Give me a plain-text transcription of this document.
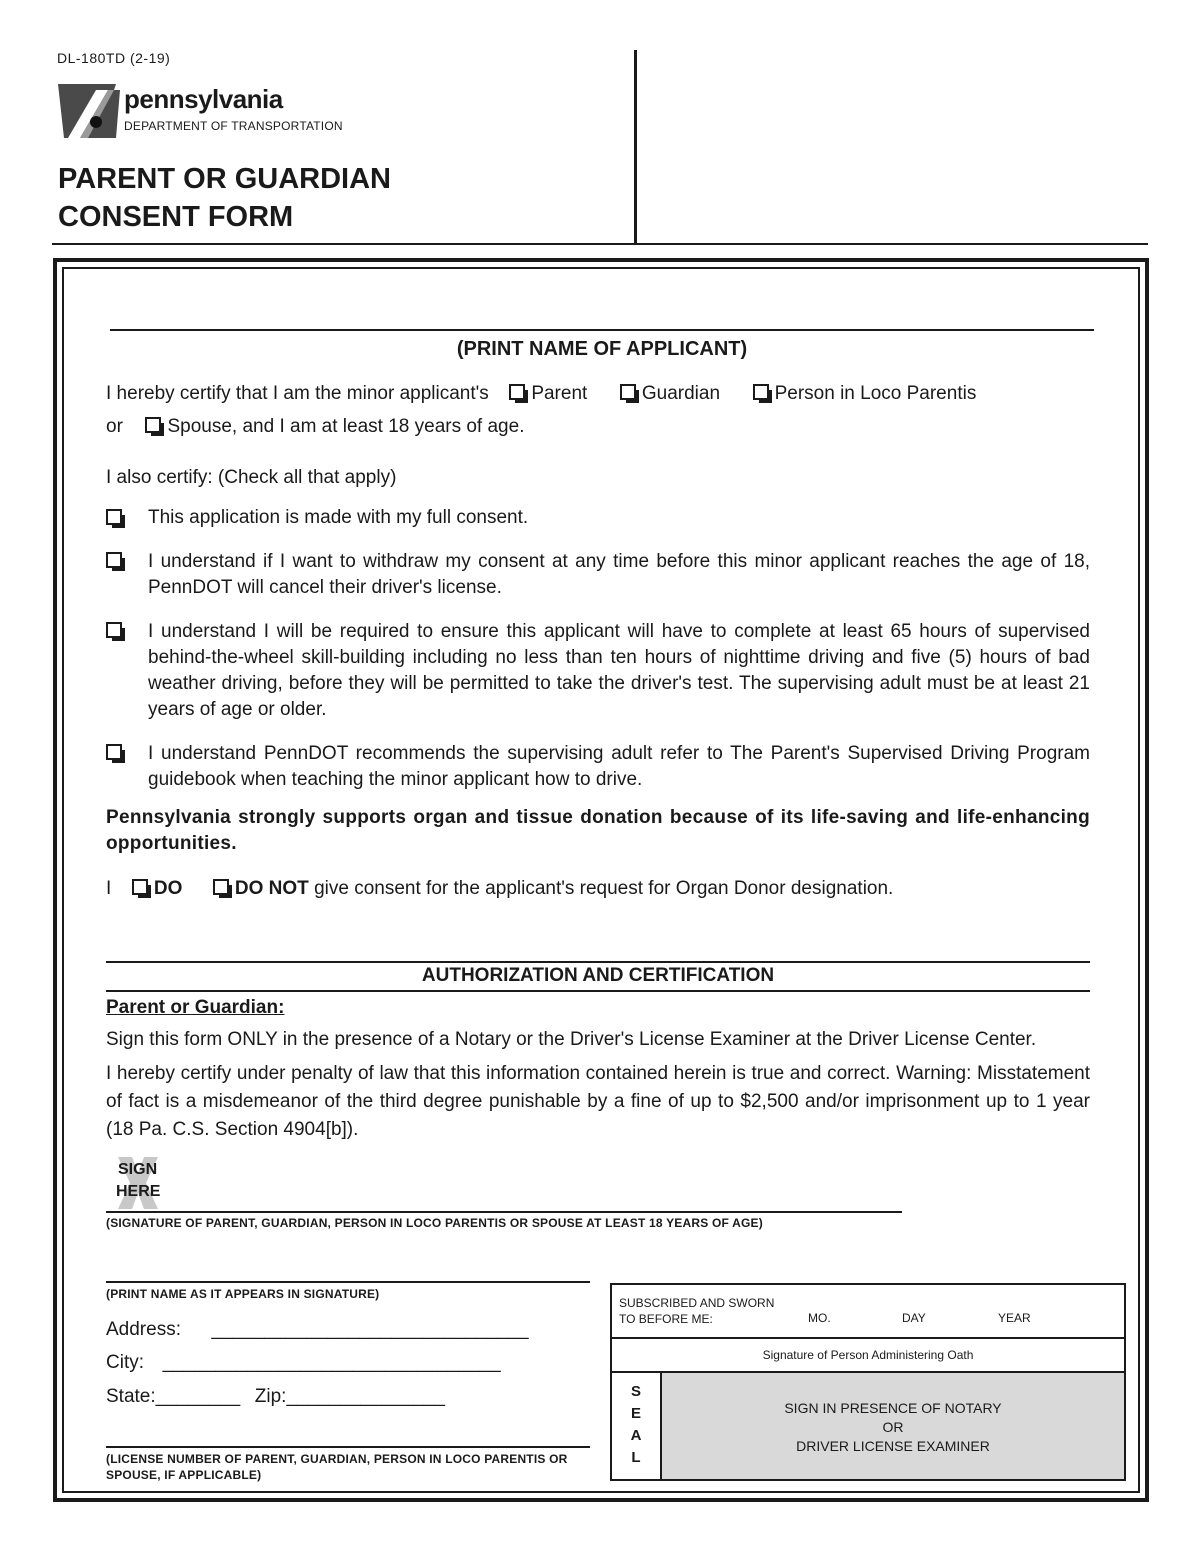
DL-180TD (2-19)
pennsylvania
DEPARTMENT OF TRANSPORTATION
PARENT OR GUARDIAN
CONSENT FORM
(PRINT NAME OF APPLICANT)
I hereby certify that I am the minor applicant's Parent	Guardian	Person in Loco Parentis
or Spouse, and I am at least 18 years of age.
I also certify: (Check all that apply)
This application is made with my full consent.
I understand if I want to withdraw my consent at any time before this minor applicant reaches the age of 18, PennDOT will cancel their driver's license.
I understand I will be required to ensure this applicant will have to complete at least 65 hours of supervised behind-the-wheel skill-building including no less than ten hours of nighttime driving and five (5) hours of bad weather driving, before they will be permitted to take the driver's test. The supervising adult must be at least 21 years of age or older.
I understand PennDOT recommends the supervising adult refer to The Parent's Supervised Driving Program guidebook when teaching the minor applicant how to drive.
Pennsylvania strongly supports organ and tissue donation because of its life-saving and life-enhancing opportunities.
I DO	DO NOT give consent for the applicant's request for Organ Donor designation.
AUTHORIZATION AND CERTIFICATION
Parent or Guardian:
Sign this form ONLY in the presence of a Notary or the Driver's License Examiner at the Driver License Center.
I hereby certify under penalty of law that this information contained herein is true and correct. Warning: Misstatement of fact is a misdemeanor of the third degree punishable by a fine of up to $2,500 and/or imprisonment up to 1 year (18 Pa. C.S. Section 4904[b]).
SIGN
HERE
(SIGNATURE OF PARENT, GUARDIAN, PERSON IN LOCO PARENTIS OR SPOUSE AT LEAST 18 YEARS OF AGE)
(PRINT NAME AS IT APPEARS IN SIGNATURE)
Address: ______________________________
City: ________________________________
State:________ Zip:_______________
(LICENSE NUMBER OF PARENT, GUARDIAN, PERSON IN LOCO PARENTIS OR SPOUSE, IF APPLICABLE)
SUBSCRIBED AND SWORN
TO BEFORE ME:	MO.	DAY	YEAR
Signature of Person Administering Oath
S
E
A
L
SIGN IN PRESENCE OF NOTARY
OR
DRIVER LICENSE EXAMINER
